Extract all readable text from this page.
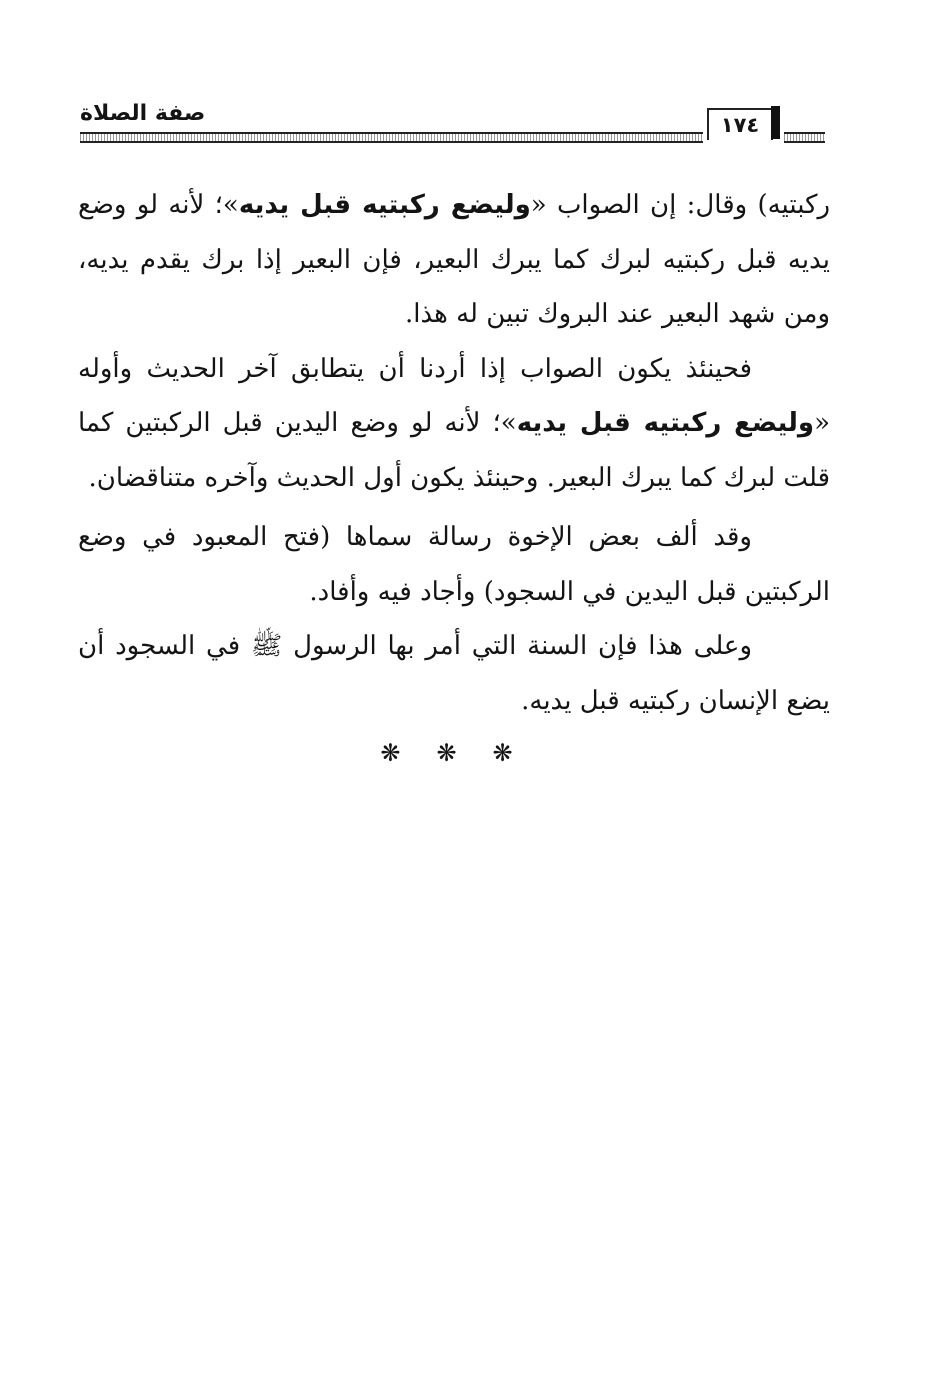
صفة الصلاة	١٧٤

ركبتيه) وقال: إن الصواب «وليضع ركبتيه قبل يديه»؛ لأنه لو وضع يديه قبل ركبتيه لبرك كما يبرك البعير، فإن البعير إذا برك يقدم يديه، ومن شهد البعير عند البروك تبين له هذا.

فحينئذ يكون الصواب إذا أردنا أن يتطابق آخر الحديث وأوله «وليضع ركبتيه قبل يديه»؛ لأنه لو وضع اليدين قبل الركبتين كما قلت لبرك كما يبرك البعير. وحينئذ يكون أول الحديث وآخره متناقضان.

وقد ألف بعض الإخوة رسالة سماها (فتح المعبود في وضع الركبتين قبل اليدين في السجود) وأجاد فيه وأفاد.

وعلى هذا فإن السنة التي أمر بها الرسول ﷺ في السجود أن يضع الإنسان ركبتيه قبل يديه.

❋❋❋
